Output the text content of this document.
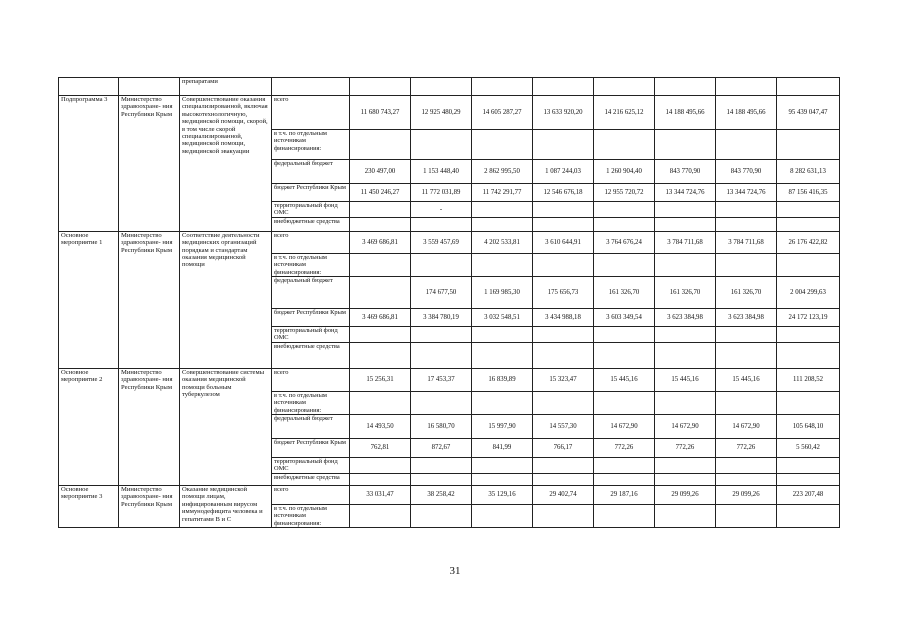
		препаратами									
Подпрограмма 3	Министерство здравоохране- ния Республики Крым	Совершенствование оказания специализированной, включая высокотехнологичную, медицинской помощи, скорой, в том числе скорой специализированной, медицинской помощи, медицинской эвакуации	всего	11 680 743,27	12 925 480,29	14 605 287,27	13 633 920,20	14 216 625,12	14 188 495,66	14 188 495,66	95 439 047,47
			в т.ч. по отдельным источникам финансирования:								
			федеральный бюджет	230 497,00	1 153 448,40	2 862 995,50	1 087 244,03	1 260 904,40	843 770,90	843 770,90	8 282 631,13
			бюджет Республики Крым	11 450 246,27	11 772 031,89	11 742 291,77	12 546 676,18	12 955 720,72	13 344 724,76	13 344 724,76	87 156 416,35
			территориальный фонд ОМС		-						
			внебюджетные средства								
Основное мероприятие 1	Министерство здравоохране- ния Республики Крым	Соответствие деятельности медицинских организаций порядкам и стандартам оказания медицинской помощи	всего	3 469 686,81	3 559 457,69	4 202 533,81	3 610 644,91	3 764 676,24	3 784 711,68	3 784 711,68	26 176 422,82
			в т.ч. по отдельным источникам финансирования:								
			федеральный бюджет		174 677,50	1 169 985,30	175 656,73	161 326,70	161 326,70	161 326,70	2 004 299,63
			бюджет Республики Крым	3 469 686,81	3 384 780,19	3 032 548,51	3 434 988,18	3 603 349,54	3 623 384,98	3 623 384,98	24 172 123,19
			территориальный фонд ОМС								
			внебюджетные средства								
Основное мероприятие 2	Министерство здравоохране- ния Республики Крым	Совершенствование системы оказания медицинской помощи больным туберкулезом	всего	15 256,31	17 453,37	16 839,89	15 323,47	15 445,16	15 445,16	15 445,16	111 208,52
			в т.ч. по отдельным источникам финансирования:								
			федеральный бюджет	14 493,50	16 580,70	15 997,90	14 557,30	14 672,90	14 672,90	14 672,90	105 648,10
			бюджет Республики Крым	762,81	872,67	841,99	766,17	772,26	772,26	772,26	5 560,42
			территориальный фонд ОМС								
			внебюджетные средства								
Основное мероприятие 3	Министерство здравоохране- ния Республики Крым	Оказание медицинской помощи лицам, инфицированным вирусом иммунодефицита человека и гепатитами В и С	всего	33 031,47	38 258,42	35 129,16	29 402,74	29 187,16	29 099,26	29 099,26	223 207,48
			в т.ч. по отдельным источникам финансирования:								
31
